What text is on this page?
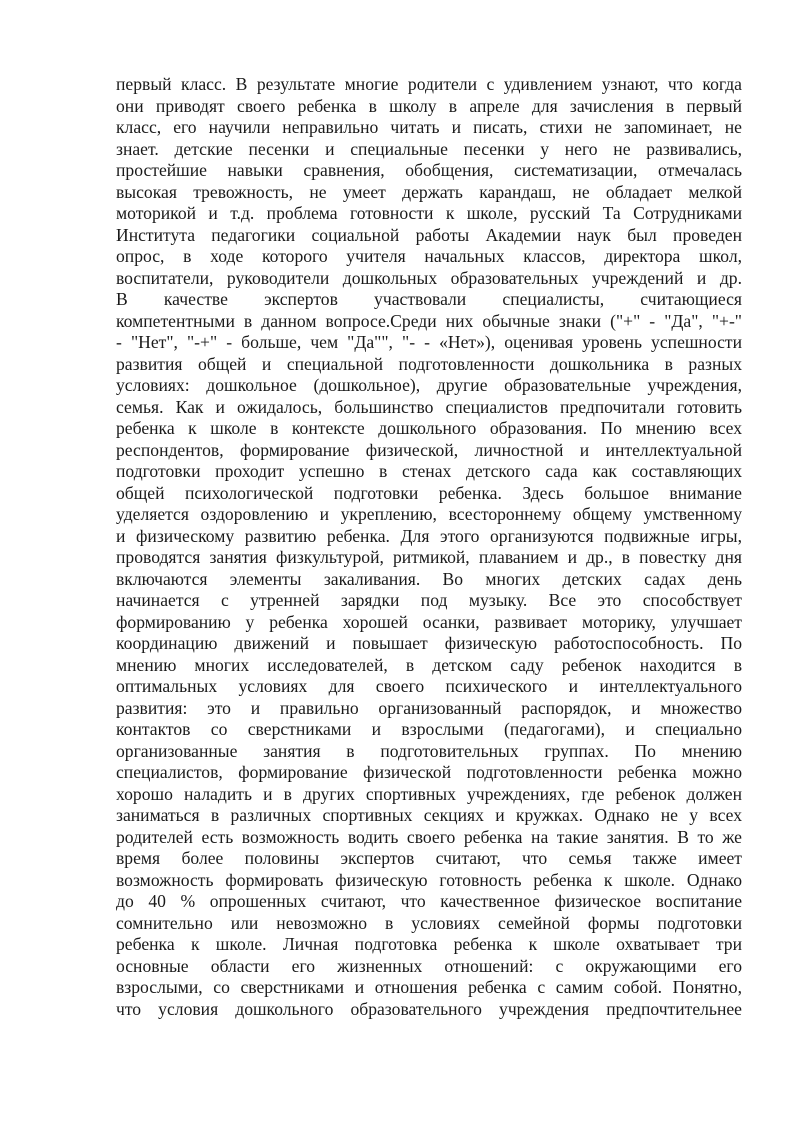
первый класс. В результате многие родители с удивлением узнают, что когда
они приводят своего ребенка в школу в апреле для зачисления в первый
класс, его научили неправильно читать и писать, стихи не запоминает, не
знает. детские песенки и специальные песенки у него не развивались,
простейшие навыки сравнения, обобщения, систематизации, отмечалась
высокая тревожность, не умеет держать карандаш, не обладает мелкой
моторикой и т.д. проблема готовности к школе, русский Та Сотрудниками
Института педагогики социальной работы Академии наук был проведен
опрос, в ходе которого учителя начальных классов, директора школ,
воспитатели, руководители дошкольных образовательных учреждений и др.
В качестве экспертов участвовали специалисты, считающиеся
компетентными в данном вопросе.Среди них обычные знаки ("+" - "Да", "+-"
- "Нет", "-+" - больше, чем "Да"", "- - «Нет»), оценивая уровень успешности
развития общей и специальной подготовленности дошкольника в разных
условиях: дошкольное (дошкольное), другие образовательные учреждения,
семья. Как и ожидалось, большинство специалистов предпочитали готовить
ребенка к школе в контексте дошкольного образования. По мнению всех
респондентов, формирование физической, личностной и интеллектуальной
подготовки проходит успешно в стенах детского сада как составляющих
общей психологической подготовки ребенка. Здесь большое внимание
уделяется оздоровлению и укреплению, всестороннему общему умственному
и физическому развитию ребенка. Для этого организуются подвижные игры,
проводятся занятия физкультурой, ритмикой, плаванием и др., в повестку дня
включаются элементы закаливания. Во многих детских садах день
начинается с утренней зарядки под музыку. Все это способствует
формированию у ребенка хорошей осанки, развивает моторику, улучшает
координацию движений и повышает физическую работоспособность. По
мнению многих исследователей, в детском саду ребенок находится в
оптимальных условиях для своего психического и интеллектуального
развития: это и правильно организованный распорядок, и множество
контактов со сверстниками и взрослыми (педагогами), и специально
организованные занятия в подготовительных группах. По мнению
специалистов, формирование физической подготовленности ребенка можно
хорошо наладить и в других спортивных учреждениях, где ребенок должен
заниматься в различных спортивных секциях и кружках. Однако не у всех
родителей есть возможность водить своего ребенка на такие занятия. В то же
время более половины экспертов считают, что семья также имеет
возможность формировать физическую готовность ребенка к школе. Однако
до 40 % опрошенных считают, что качественное физическое воспитание
сомнительно или невозможно в условиях семейной формы подготовки
ребенка к школе. Личная подготовка ребенка к школе охватывает три
основные области его жизненных отношений: с окружающими его
взрослыми, со сверстниками и отношения ребенка с самим собой. Понятно,
что условия дошкольного образовательного учреждения предпочтительнее
